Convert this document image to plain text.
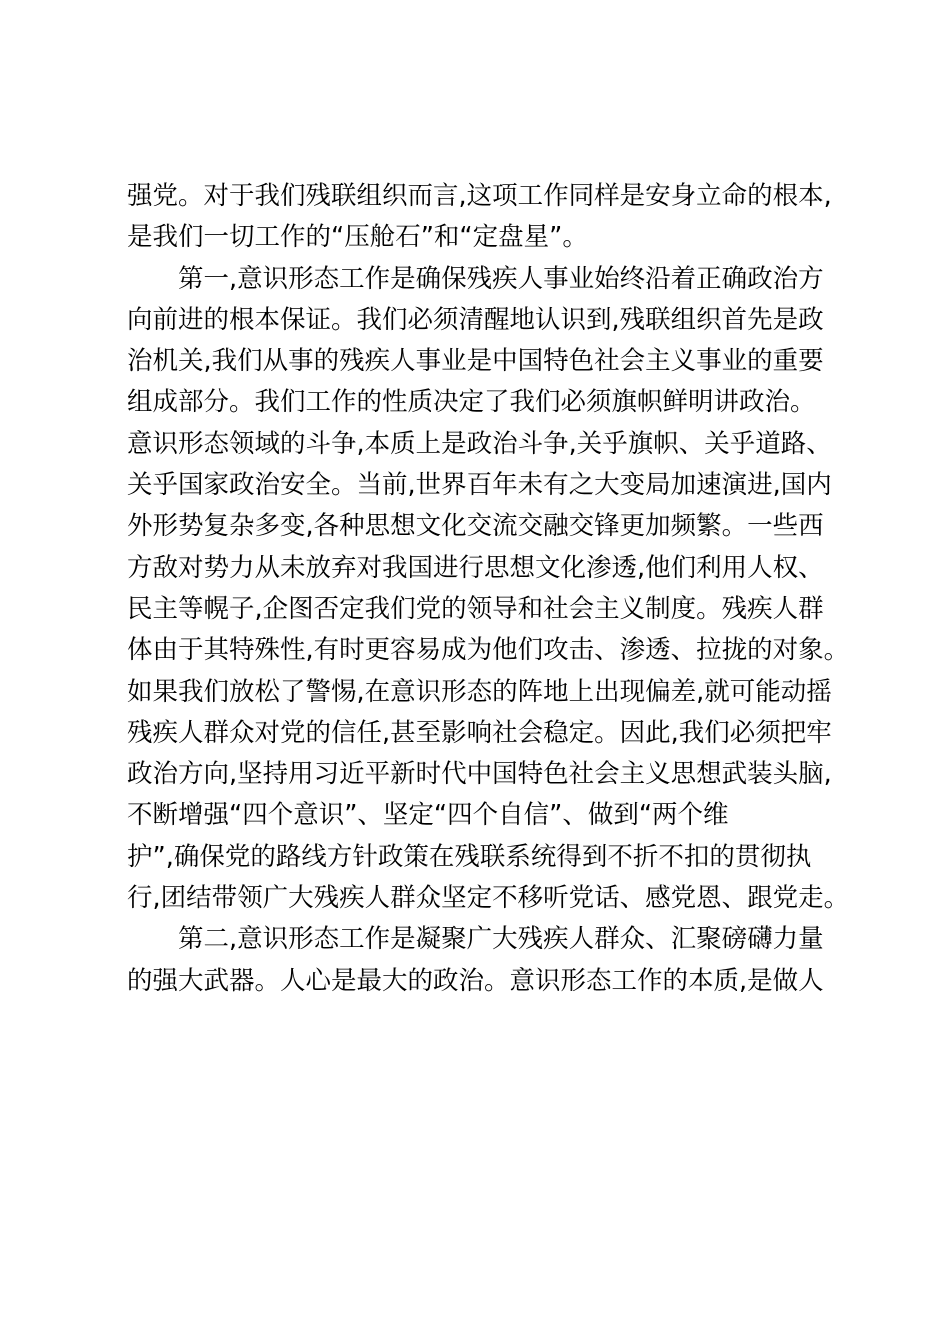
强党。对于我们残联组织而言,这项工作同样是安身立命的根本,
是我们一切工作的“压舱石”和“定盘星”。
第一,意识形态工作是确保残疾人事业始终沿着正确政治方
向前进的根本保证。我们必须清醒地认识到,残联组织首先是政
治机关,我们从事的残疾人事业是中国特色社会主义事业的重要
组成部分。我们工作的性质决定了我们必须旗帜鲜明讲政治。
意识形态领域的斗争,本质上是政治斗争,关乎旗帜、关乎道路、
关乎国家政治安全。当前,世界百年未有之大变局加速演进,国内
外形势复杂多变,各种思想文化交流交融交锋更加频繁。一些西
方敌对势力从未放弃对我国进行思想文化渗透,他们利用人权、
民主等幌子,企图否定我们党的领导和社会主义制度。残疾人群
体由于其特殊性,有时更容易成为他们攻击、渗透、拉拢的对象。
如果我们放松了警惕,在意识形态的阵地上出现偏差,就可能动摇
残疾人群众对党的信任,甚至影响社会稳定。因此,我们必须把牢
政治方向,坚持用习近平新时代中国特色社会主义思想武装头脑,
不断增强“四个意识”、坚定“四个自信”、做到“两个维
护”,确保党的路线方针政策在残联系统得到不折不扣的贯彻执
行,团结带领广大残疾人群众坚定不移听党话、感党恩、跟党走。
第二,意识形态工作是凝聚广大残疾人群众、汇聚磅礴力量
的强大武器。人心是最大的政治。意识形态工作的本质,是做人
